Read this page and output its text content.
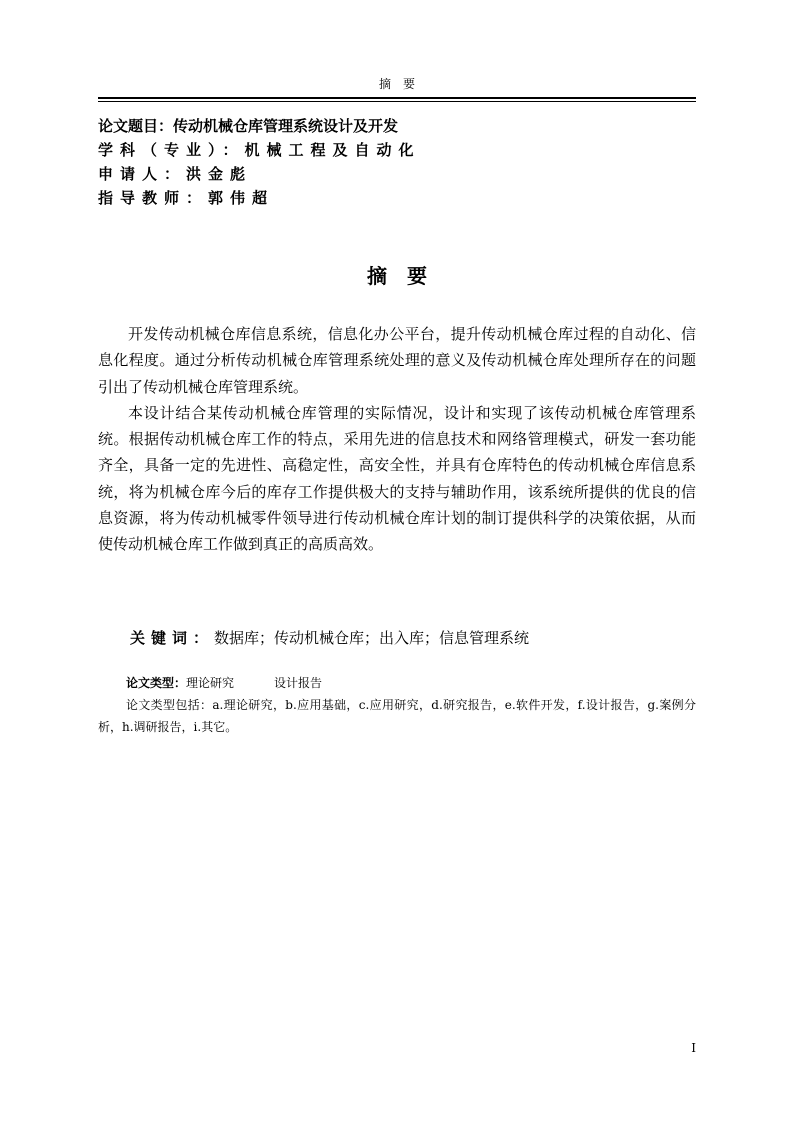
摘要
论文题目：传动机械仓库管理系统设计及开发
学科（专业）：机械工程及自动化
申请人：洪金彪
指导教师：郭伟超
摘要

开发传动机械仓库信息系统，信息化办公平台，提升传动机械仓库过程的自动化、信息化程度。通过分析传动机械仓库管理系统处理的意义及传动机械仓库处理所存在的问题引出了传动机械仓库管理系统。

本设计结合某传动机械仓库管理的实际情况，设计和实现了该传动机械仓库管理系统。根据传动机械仓库工作的特点，采用先进的信息技术和网络管理模式，研发一套功能齐全，具备一定的先进性、高稳定性，高安全性，并具有仓库特色的传动机械仓库信息系统，将为机械仓库今后的库存工作提供极大的支持与辅助作用，该系统所提供的优良的信息资源，将为传动机械零件领导进行传动机械仓库计划的制订提供科学的决策依据，从而使传动机械仓库工作做到真正的高质高效。

关键词：数据库；传动机械仓库；出入库；信息管理系统
论文类型：理论研究	设计报告
论文类型包括：a.理论研究，b.应用基础，c.应用研究，d.研究报告，e.软件开发，f.设计报告，g.案例分析，h.调研报告，i.其它。
I
